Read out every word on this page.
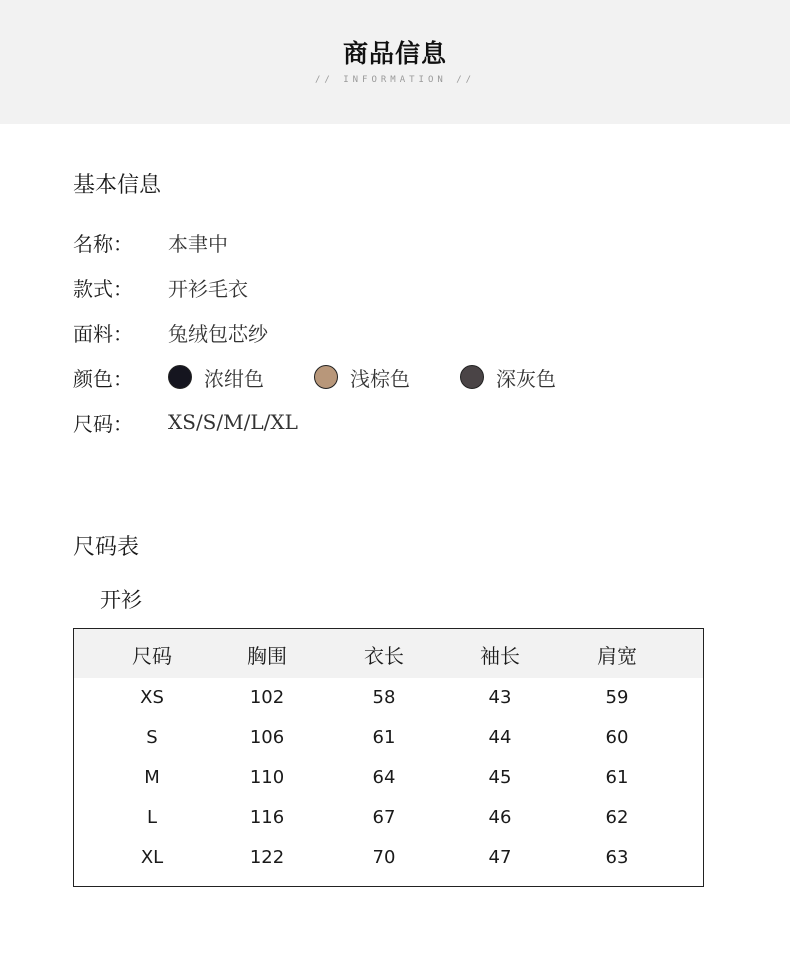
商品信息
// INFORMATION //
基本信息
名称：	本聿中
款式：	开衫毛衣
面料：	兔绒包芯纱
颜色：	浓绀色	浅棕色	深灰色
尺码：	XS/S/M/L/XL
尺码表
开衫
尺码	胸围	衣长	袖长	肩宽
XS	102	58	43	59
S	106	61	44	60
M	110	64	45	61
L	116	67	46	62
XL	122	70	47	63
